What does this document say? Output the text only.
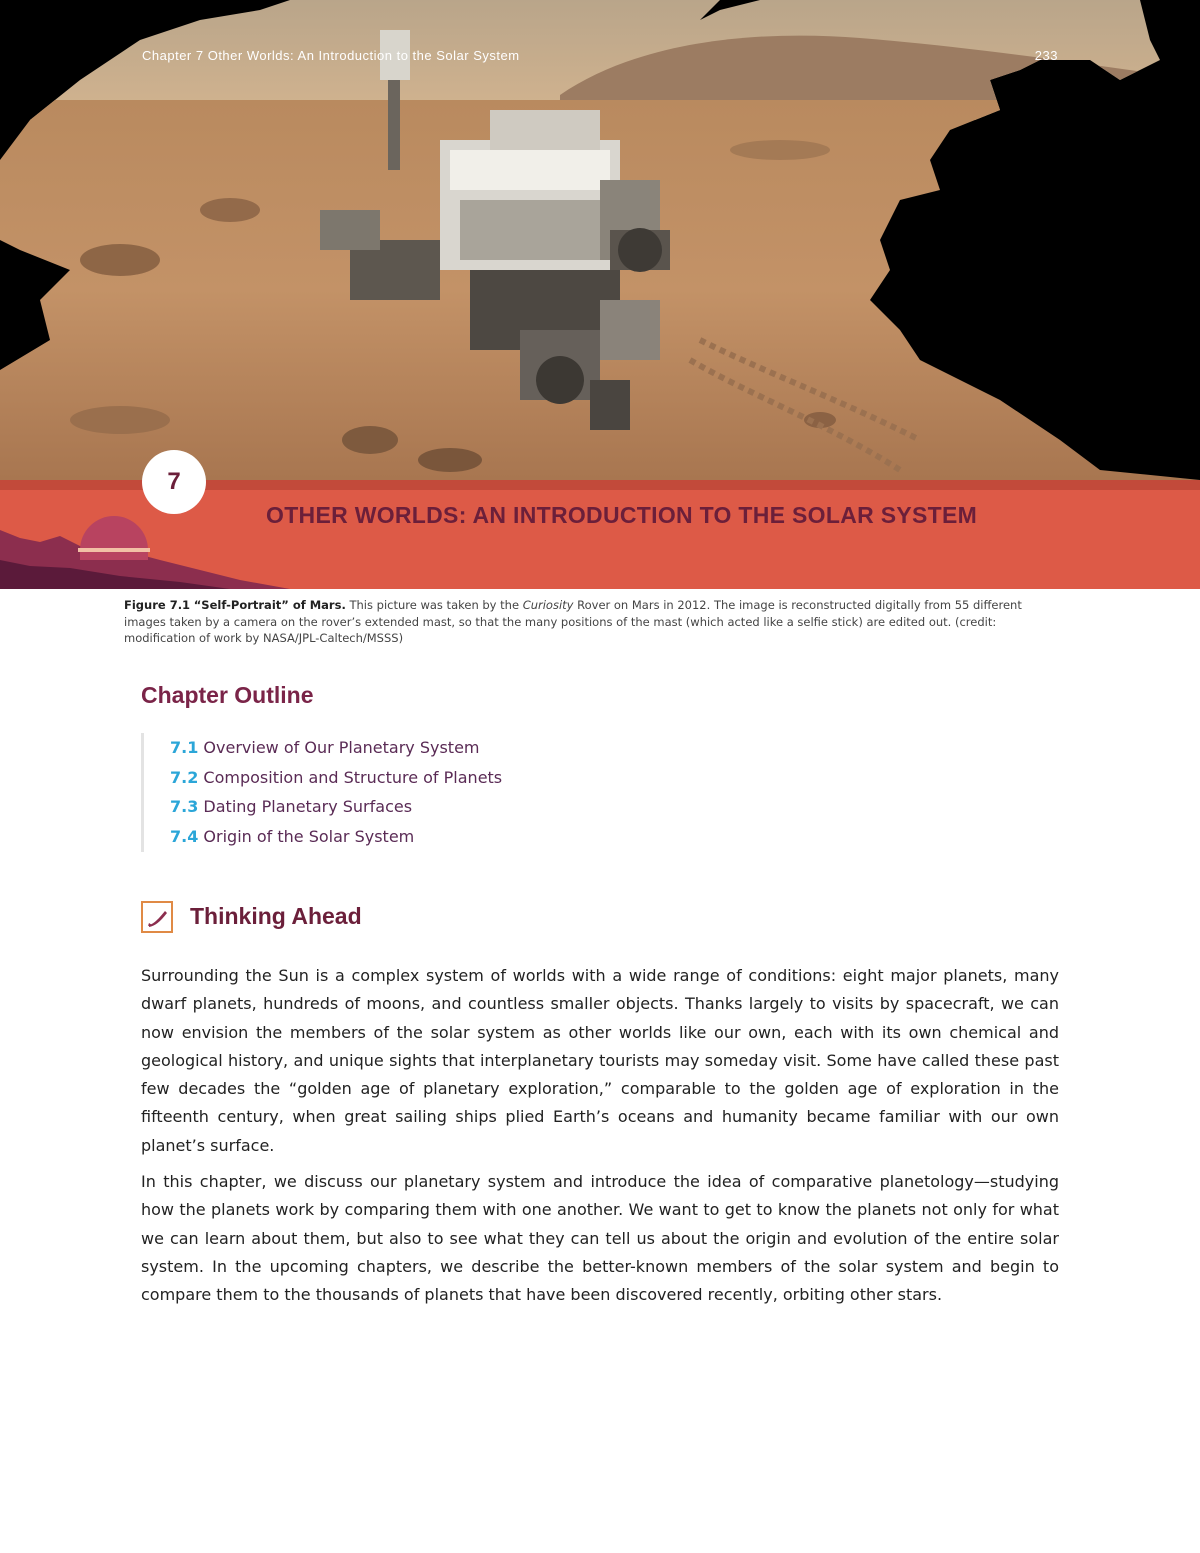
Chapter 7 Other Worlds: An Introduction to the Solar System	233
7
OTHER WORLDS: AN INTRODUCTION TO THE SOLAR SYSTEM
Figure 7.1 “Self-Portrait” of Mars. This picture was taken by the Curiosity Rover on Mars in 2012. The image is reconstructed digitally from 55 different images taken by a camera on the rover’s extended mast, so that the many positions of the mast (which acted like a selfie stick) are edited out. (credit: modification of work by NASA/JPL-Caltech/MSSS)
Chapter Outline
7.1 Overview of Our Planetary System
7.2 Composition and Structure of Planets
7.3 Dating Planetary Surfaces
7.4 Origin of the Solar System
Thinking Ahead

Surrounding the Sun is a complex system of worlds with a wide range of conditions: eight major planets, many dwarf planets, hundreds of moons, and countless smaller objects. Thanks largely to visits by spacecraft, we can now envision the members of the solar system as other worlds like our own, each with its own chemical and geological history, and unique sights that interplanetary tourists may someday visit. Some have called these past few decades the “golden age of planetary exploration,” comparable to the golden age of exploration in the fifteenth century, when great sailing ships plied Earth’s oceans and humanity became familiar with our own planet’s surface.

In this chapter, we discuss our planetary system and introduce the idea of comparative planetology—studying how the planets work by comparing them with one another. We want to get to know the planets not only for what we can learn about them, but also to see what they can tell us about the origin and evolution of the entire solar system. In the upcoming chapters, we describe the better-known members of the solar system and begin to compare them to the thousands of planets that have been discovered recently, orbiting other stars.
